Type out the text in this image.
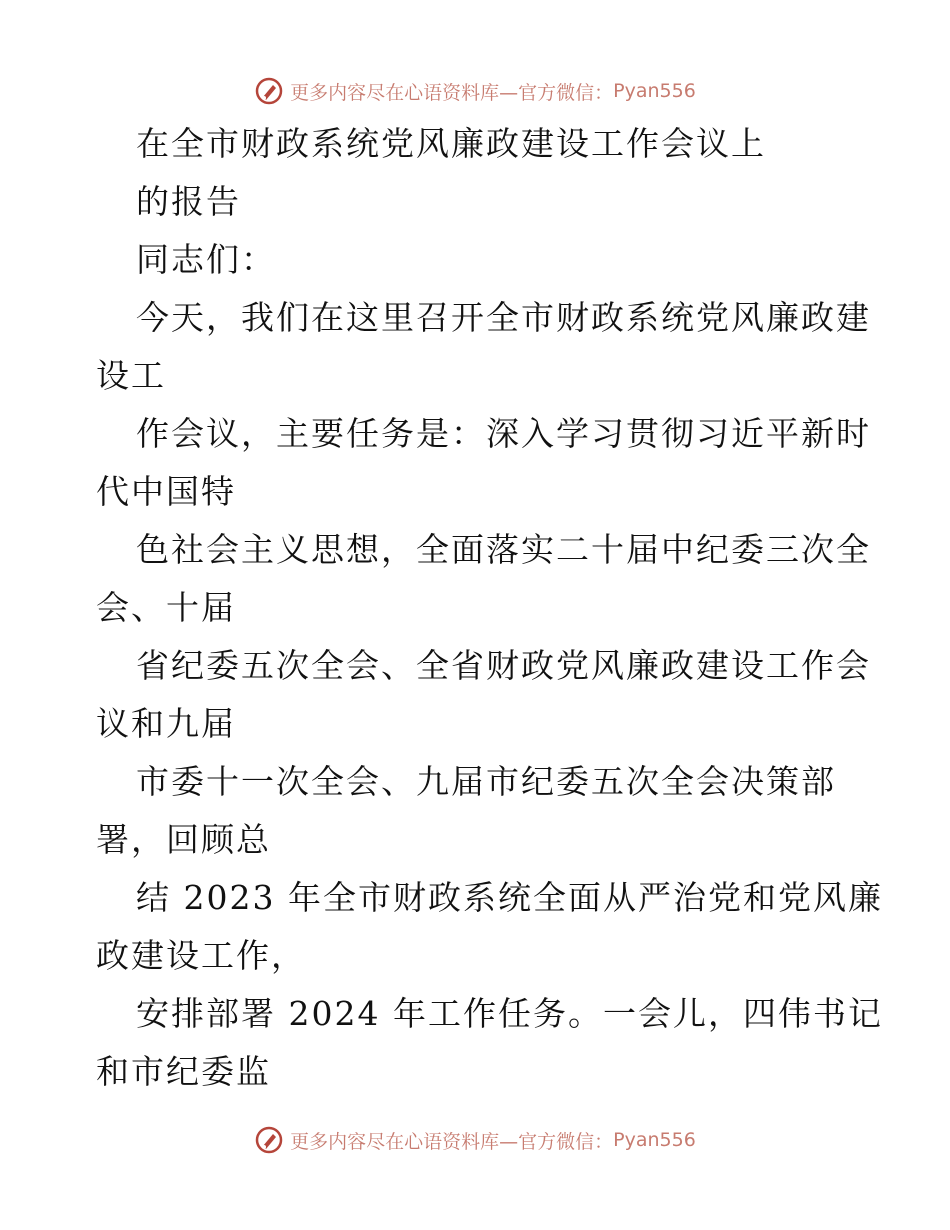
更多内容尽在心语资料库—官方微信： Pyan556

在全市财政系统党风廉政建设工作会议上

的报告

同志们：

今天，我们在这里召开全市财政系统党风廉政建

设工

作会议，主要任务是：深入学习贯彻习近平新时

代中国特

色社会主义思想，全面落实二十届中纪委三次全

会、十届

省纪委五次全会、全省财政党风廉政建设工作会

议和九届

市委十一次全会、九届市纪委五次全会决策部

署，回顾总

结 2023 年全市财政系统全面从严治党和党风廉

政建设工作，

安排部署 2024 年工作任务。一会儿，四伟书记

和市纪委监

更多内容尽在心语资料库—官方微信： Pyan556
